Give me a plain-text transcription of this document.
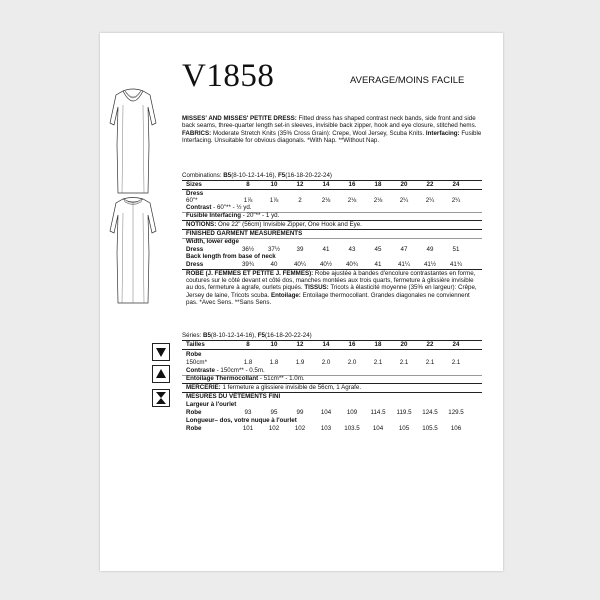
V1858	AVERAGE/MOINS FACILE
MISSES' AND MISSES' PETITE DRESS: Fitted dress has shaped contrast neck bands, side front and side back seams, three-quarter length set-in sleeves, invisible back zipper, hook and eye closure, stitched hems. FABRICS: Moderate Stretch Knits (35% Cross Grain): Crepe, Wool Jersey, Scuba Knits. Interfacing: Fusible Interfacing. Unsuitable for obvious diagonals. *With Nap. **Without Nap.
Combinations: B5(8-10-12-14-16), F5(16-18-20-22-24)
Sizes	8	10	12	14	16	18	20	22	24
Dress
60"*	1⅞	1⅞	2	2⅛	2⅛	2⅛	2¼	2¼	2¼
Contrast - 60"** - ½ yd.
Fusible Interfacing - 20"** - 1 yd.
NOTIONS: One 22" (56cm) Invisible Zipper, One Hook and Eye.
FINISHED GARMENT MEASUREMENTS
Width, lower edge
Dress	36½	37½	39	41	43	45	47	49	51
Back length from base of neck
Dress	39¾	40	40¼	40½	40¾	41	41¼	41½	41¾
ROBE (J. FEMMES ET PETITE J. FEMMES): Robe ajustée à bandes d'encolure contrastantes en forme, coutures sur le côté devant et côté dos, manches montées aux trois quarts, fermeture à glissière invisible au dos, fermeture à agrafe, ourlets piqués. TISSUS: Tricots à élasticité moyenne (35% en largeur): Crêpe, Jersey de laine, Tricots scuba. Entoilage: Entoilage thermocollant. Grandes diagonales ne conviennent pas. *Avec Sens. **Sans Sens.
Séries: B5(8-10-12-14-16), F5(16-18-20-22-24)
Tailles	8	10	12	14	16	18	20	22	24
Robe
150cm*	1.8	1.8	1.9	2.0	2.0	2.1	2.1	2.1	2.1
Contraste - 150cm** - 0.5m.
Entoilage Thermocollant - 51cm** - 1.0m.
MERCERIE: 1 fermeture a glissiere invisible de 56cm, 1 Agrafe.
MESURES DU VÊTEMENTS FINI
Largeur à l'ourlet
Robe	93	95	99	104	109	114.5	119.5	124.5	129.5
Longueur– dos, votre nuque à l'ourlet
Robe	101	102	102	103	103.5	104	105	105.5	106
